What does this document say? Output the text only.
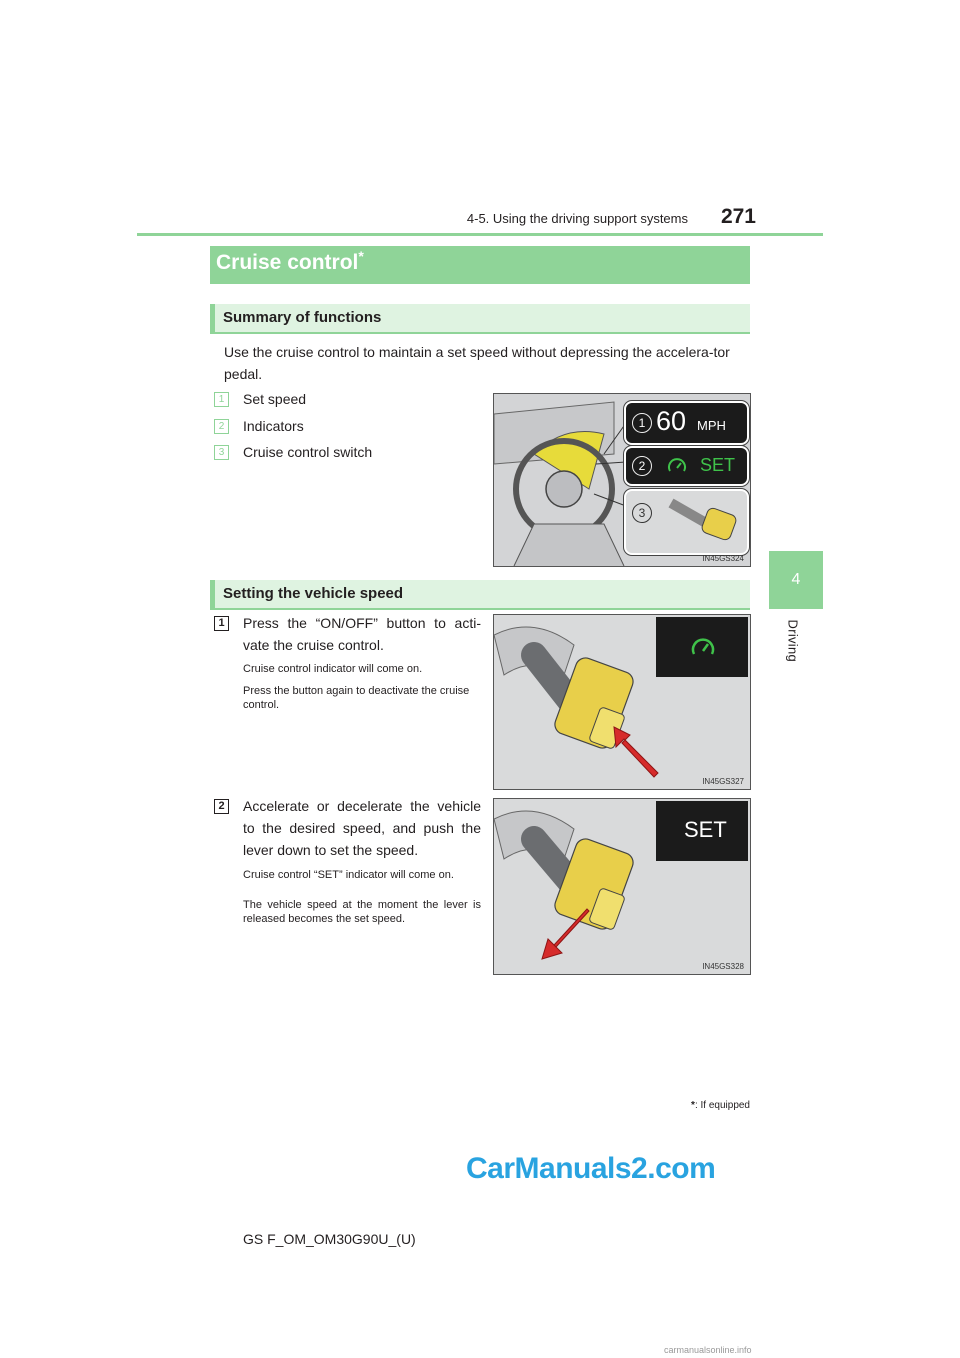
4-5. Using the driving support systems	271
4
Driving
Cruise control*
Summary of functions
Use the cruise control to maintain a set speed without depressing the accelera-tor pedal.
1	Set speed
2	Indicators
3	Cruise control switch
1 60 MPH
2	SET
3
IN45GS324
Setting the vehicle speed
1	Press the “ON/OFF” button to acti-vate the cruise control.
Cruise control indicator will come on.
Press the button again to deactivate the cruise control.
IN45GS327
2	Accelerate or decelerate the vehicle to the desired speed, and push the lever down to set the speed.
Cruise control “SET” indicator will come on.
The vehicle speed at the moment the lever is released becomes the set speed.
SET
IN45GS328
*: If equipped
CarManuals2.com
GS F_OM_OM30G90U_(U)
carmanualsonline.info
